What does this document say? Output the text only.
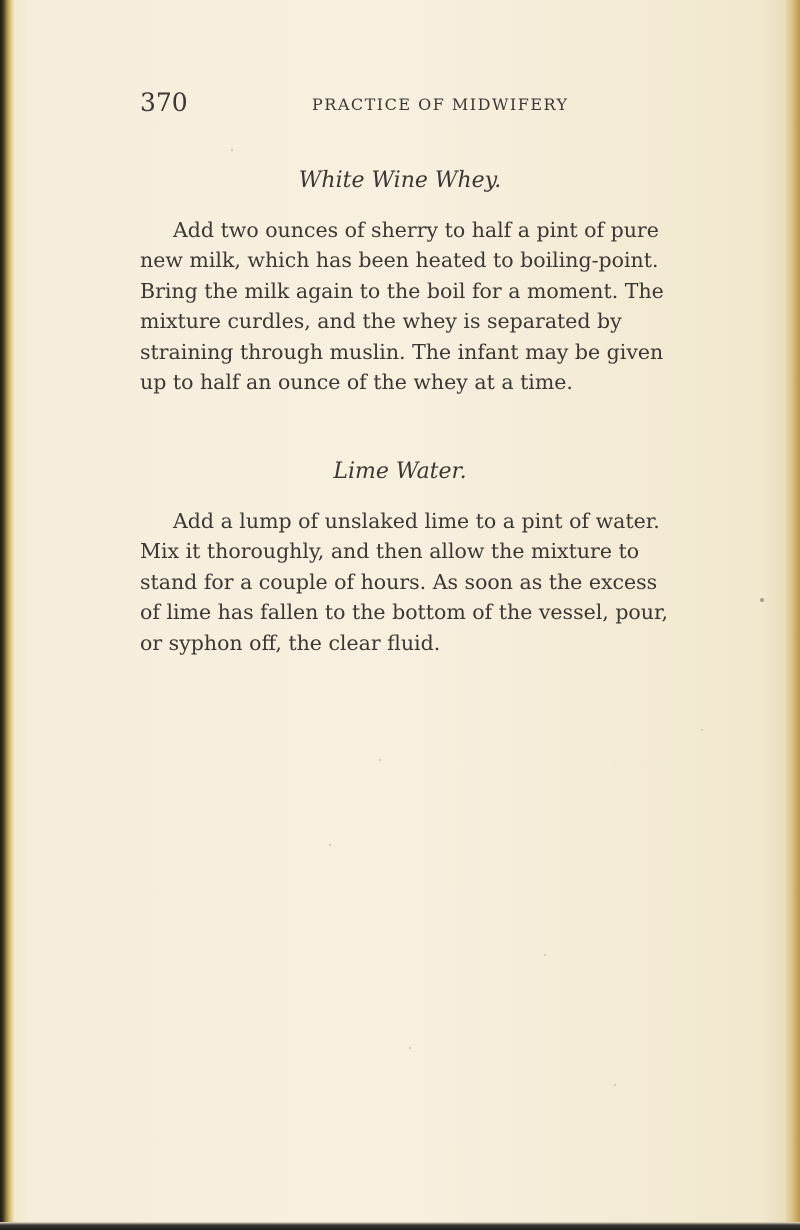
370	PRACTICE OF MIDWIFERY
White Wine Whey.
Add two ounces of sherry to half a pint of pure
new milk, which has been heated to boiling-point.
Bring the milk again to the boil for a moment. The
mixture curdles, and the whey is separated by
straining through muslin. The infant may be given
up to half an ounce of the whey at a time.
Lime Water.
Add a lump of unslaked lime to a pint of water.
Mix it thoroughly, and then allow the mixture to
stand for a couple of hours. As soon as the excess
of lime has fallen to the bottom of the vessel, pour,
or syphon off, the clear fluid.
